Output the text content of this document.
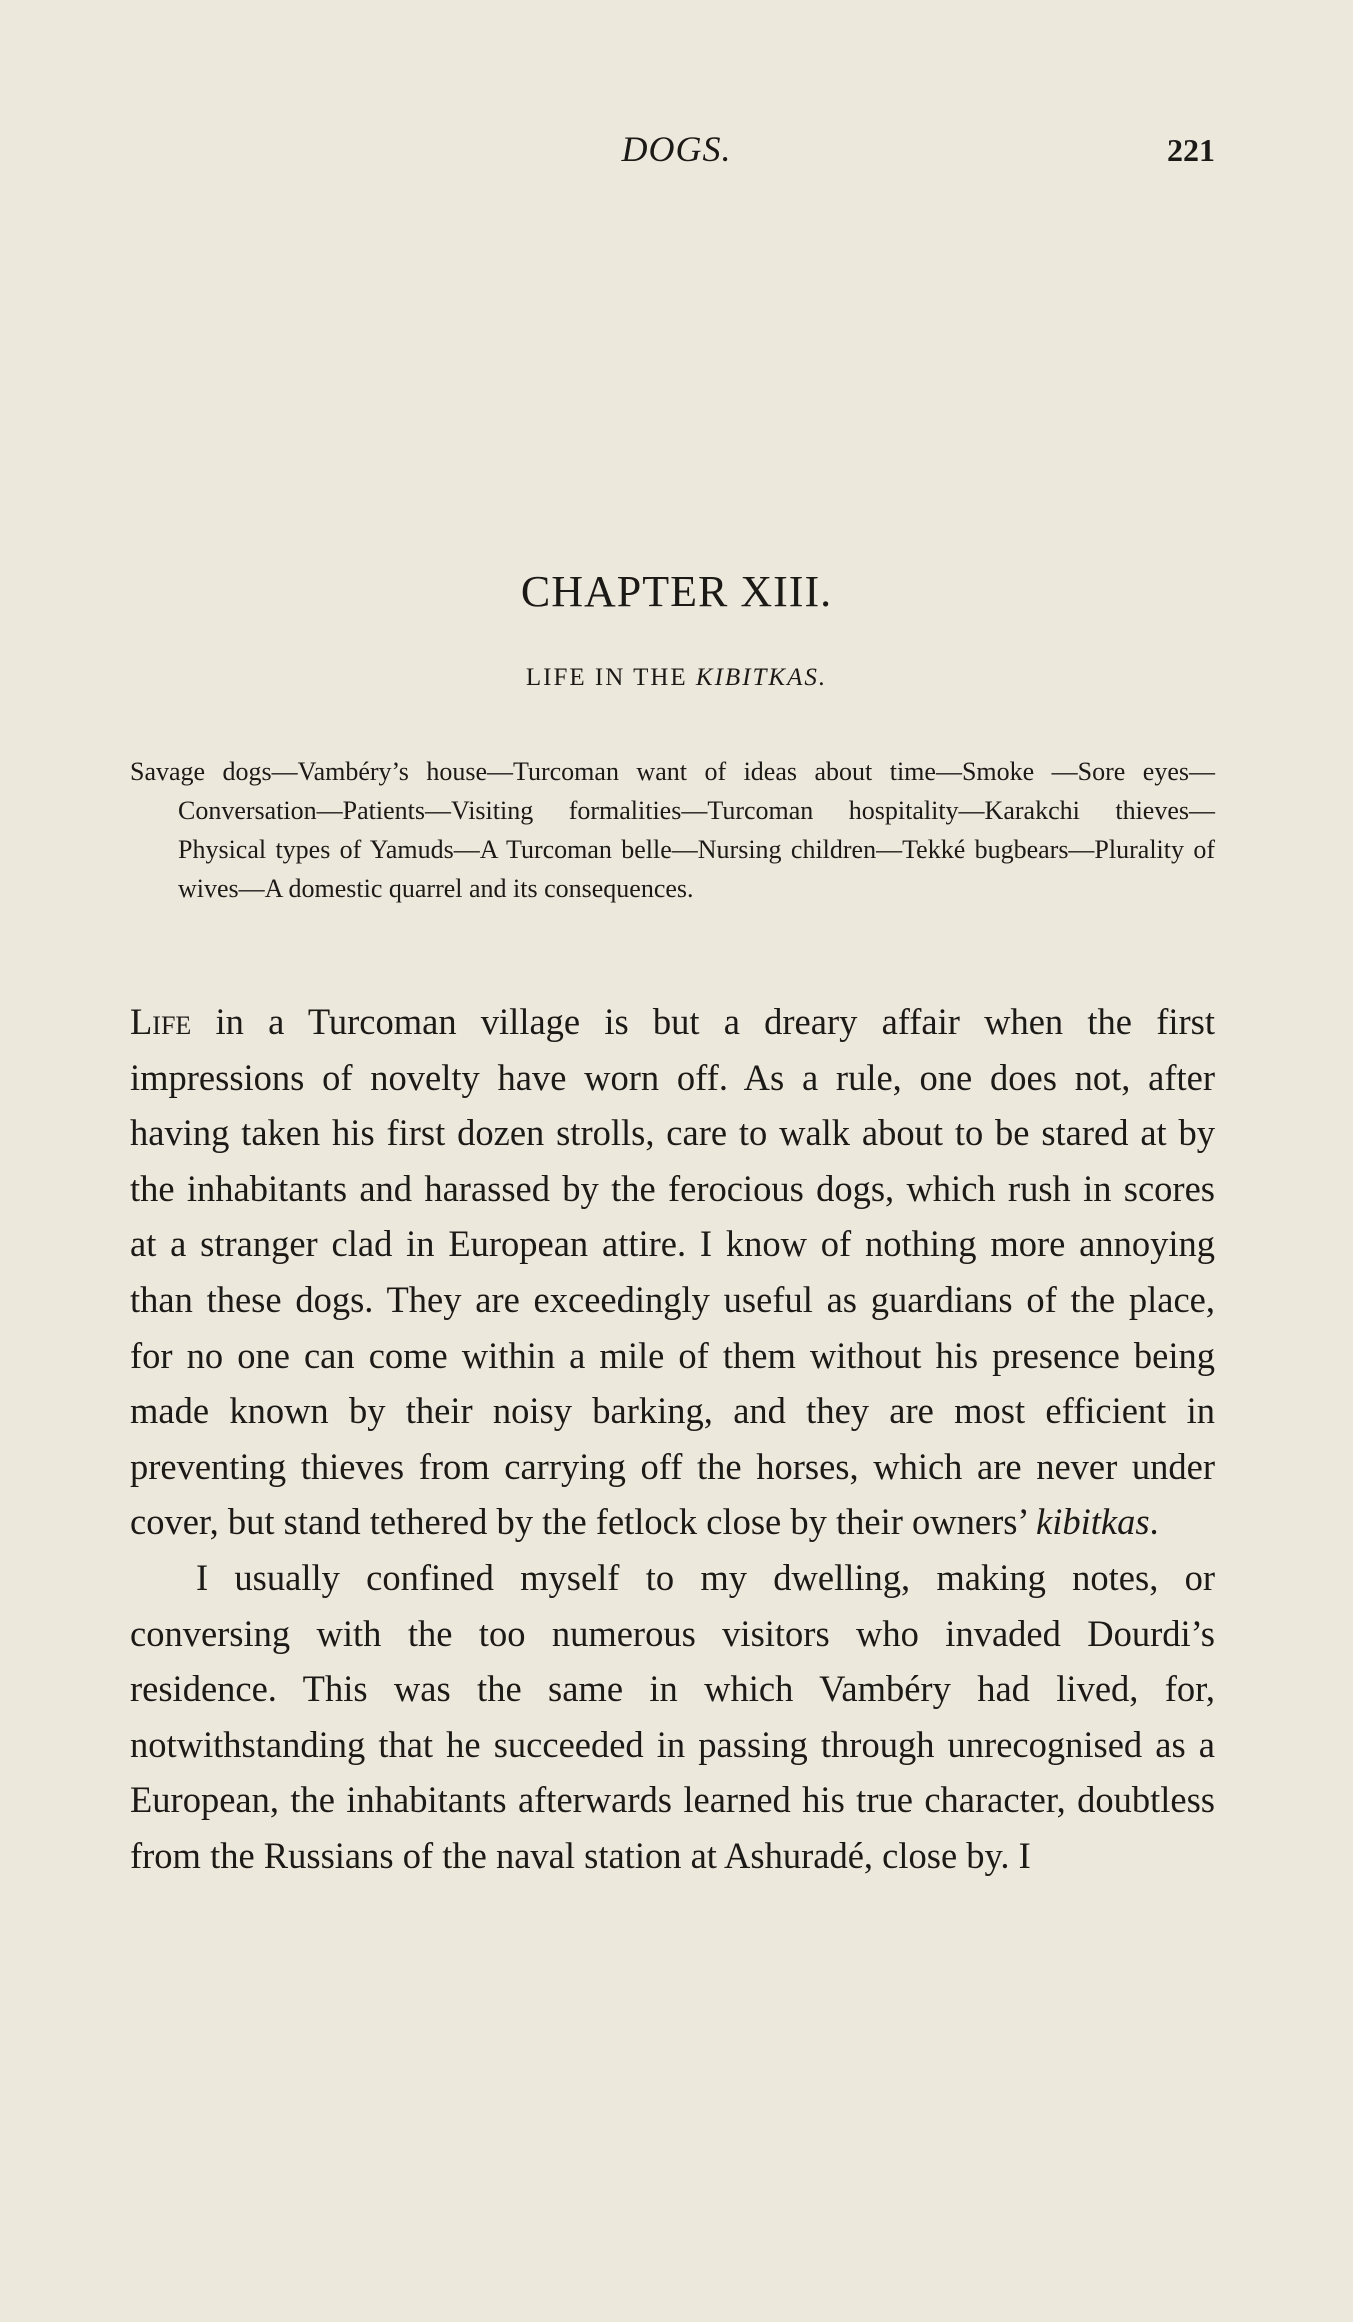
DOGS.	221
CHAPTER XIII.
LIFE IN THE KIBITKAS.
Savage dogs—Vambéry’s house—Turcoman want of ideas about time—Smoke —Sore eyes—Conversation—Patients—Visiting formalities—Turcoman hospitality—Karakchi thieves—Physical types of Yamuds—A Turcoman belle—Nursing children—Tekké bugbears—Plurality of wives—A domestic quarrel and its consequences.

Life in a Turcoman village is but a dreary affair when the first impressions of novelty have worn off. As a rule, one does not, after having taken his first dozen strolls, care to walk about to be stared at by the inhabitants and harassed by the ferocious dogs, which rush in scores at a stranger clad in European attire. I know of nothing more annoying than these dogs. They are exceedingly useful as guardians of the place, for no one can come within a mile of them without his presence being made known by their noisy barking, and they are most efficient in preventing thieves from carrying off the horses, which are never under cover, but stand tethered by the fetlock close by their owners’ kibitkas.

I usually confined myself to my dwelling, making notes, or conversing with the too numerous visitors who invaded Dourdi’s residence. This was the same in which Vambéry had lived, for, notwithstanding that he succeeded in passing through unrecognised as a European, the inhabitants afterwards learned his true character, doubtless from the Russians of the naval station at Ashuradé, close by. I
